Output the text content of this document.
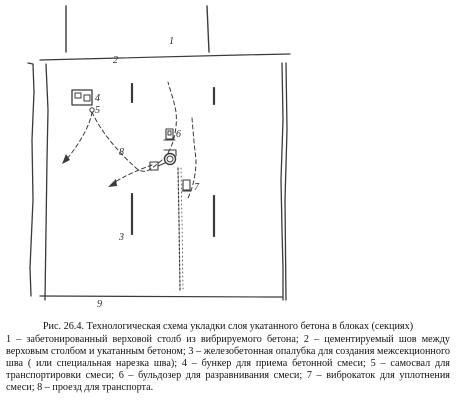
1
2
3
4
5
6
7
8
9
Рис. 26.4. Технологическая схема укладки слоя укатанного бетона в блоках (секциях)
1 – забетонированный верховой столб из вибрируемого бетона; 2 – цементируемый шов между верховым столбом и укатанным бетоном; 3 – железобетонная опалубка для создания межсекционного шва ( или специальная нарезка шва); 4 – бункер для приема бетонной смеси; 5 – самосвал для транспортировки смеси; 6 – бульдозер для разравнивания смеси; 7 – виброкаток для уплотнения смеси; 8 – проезд для транспорта.
